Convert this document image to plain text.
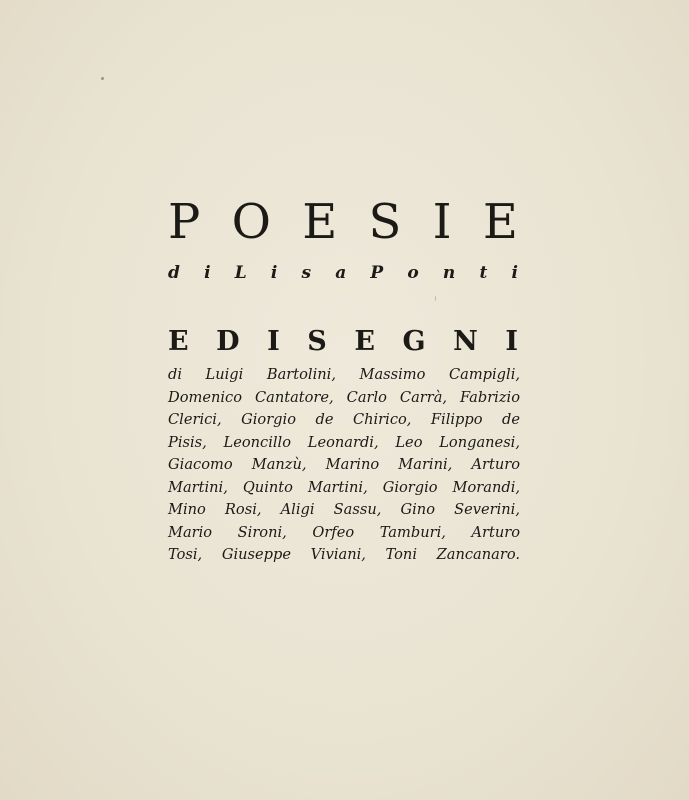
P O E S I E
d i L i s a P o n t i
E D I S E G N I

di Luigi Bartolini, Massimo Campigli,
Domenico Cantatore, Carlo Carrà, Fabrizio
Clerici, Giorgio de Chirico, Filippo de
Pisis, Leoncillo Leonardi, Leo Longanesi,
Giacomo Manzù, Marino Marini, Arturo
Martini, Quinto Martini, Giorgio Morandi,
Mino Rosi, Aligi Sassu, Gino Severini,
Mario Sironi, Orfeo Tamburi, Arturo
Tosi, Giuseppe Viviani, Toni Zancanaro.
